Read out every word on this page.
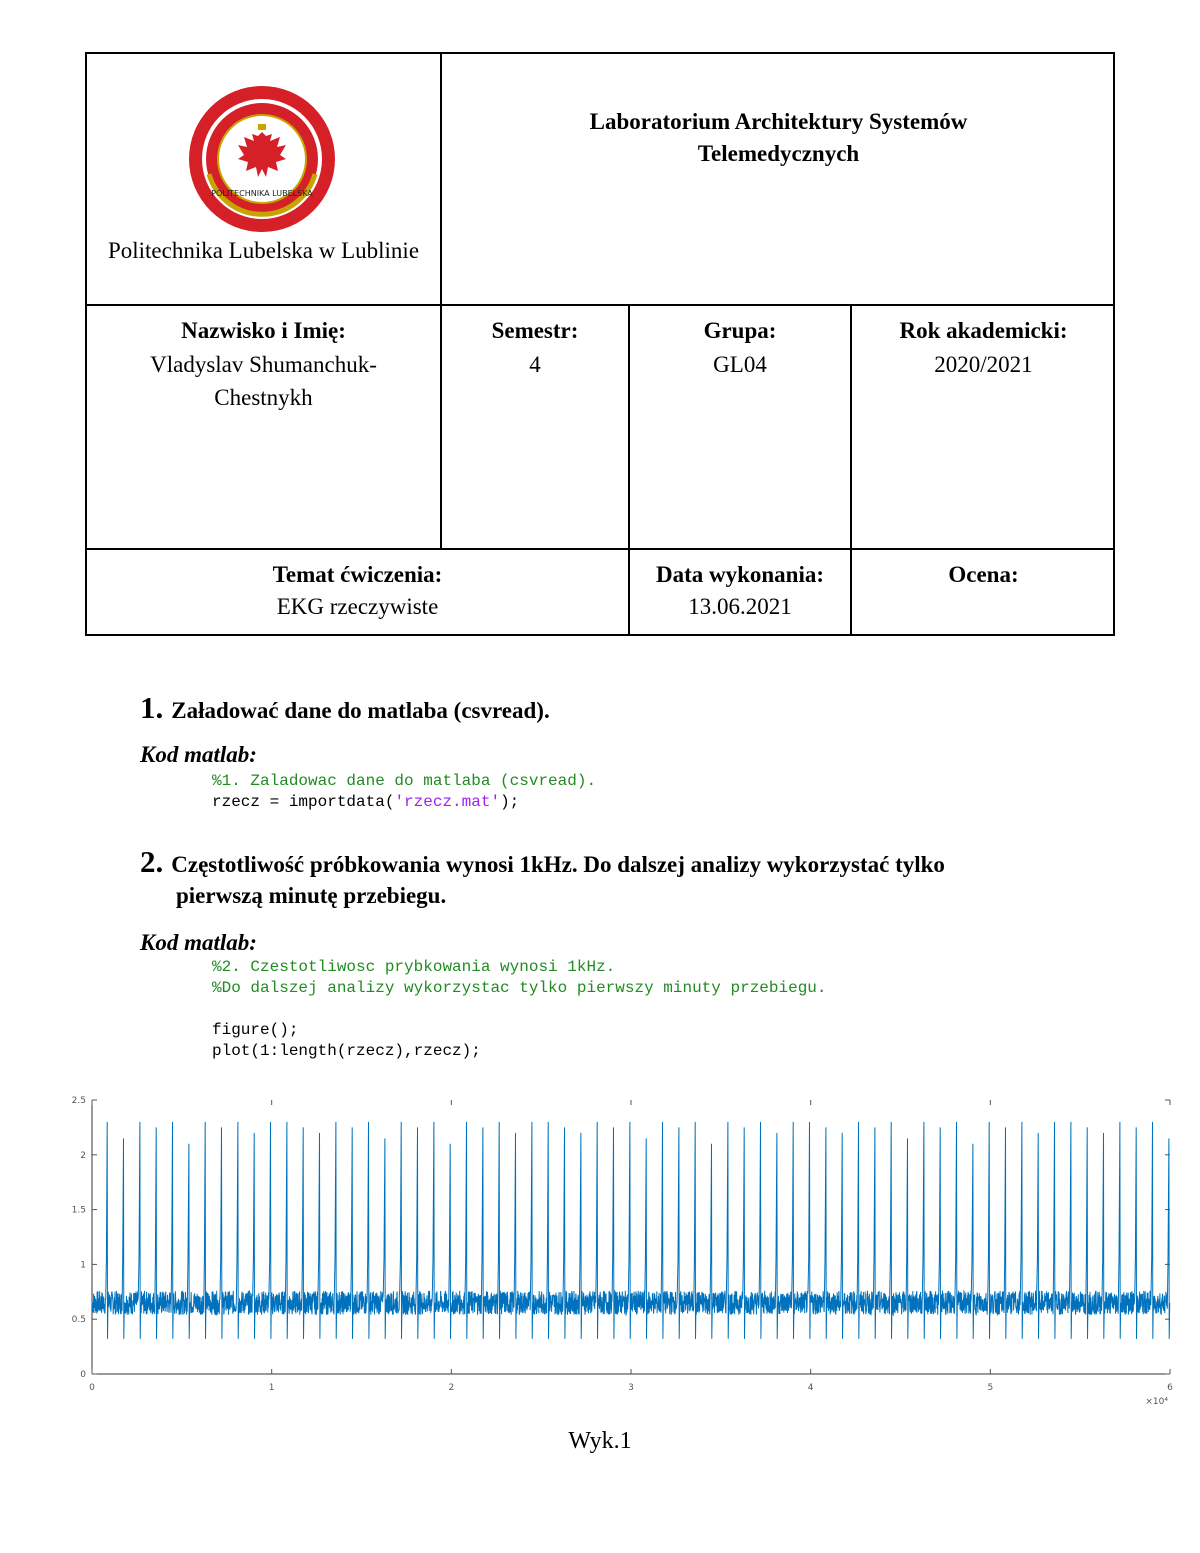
POLITECHNIKA LUBELSKA
Politechnika Lubelska w Lublinie
Laboratorium Architektury Systemów
Telemedycznych
Nazwisko i Imię:
Vladyslav Shumanchuk-
Chestnykh
Semestr:
4
Grupa:
GL04
Rok akademicki:
2020/2021
Temat ćwiczenia:
EKG rzeczywiste
Data wykonania:
13.06.2021
Ocena:
1. Załadować dane do matlaba (csvread).
Kod matlab:
%1. Zaladowac dane do matlaba (csvread).
rzecz = importdata('rzecz.mat');
2. Częstotliwość próbkowania wynosi 1kHz. Do dalszej analizy wykorzystać tylko
pierwszą minutę przebiegu.
Kod matlab:
%2. Czestotliwosc prybkowania wynosi 1kHz.
%Do dalszej analizy wykorzystac tylko pierwszy minuty przebiegu.

figure();
plot(1:length(rzecz),rzecz);
0
0.5
1
1.5
2
2.5
0	1	2	3	4	5	6
×10⁴
Wyk.1
